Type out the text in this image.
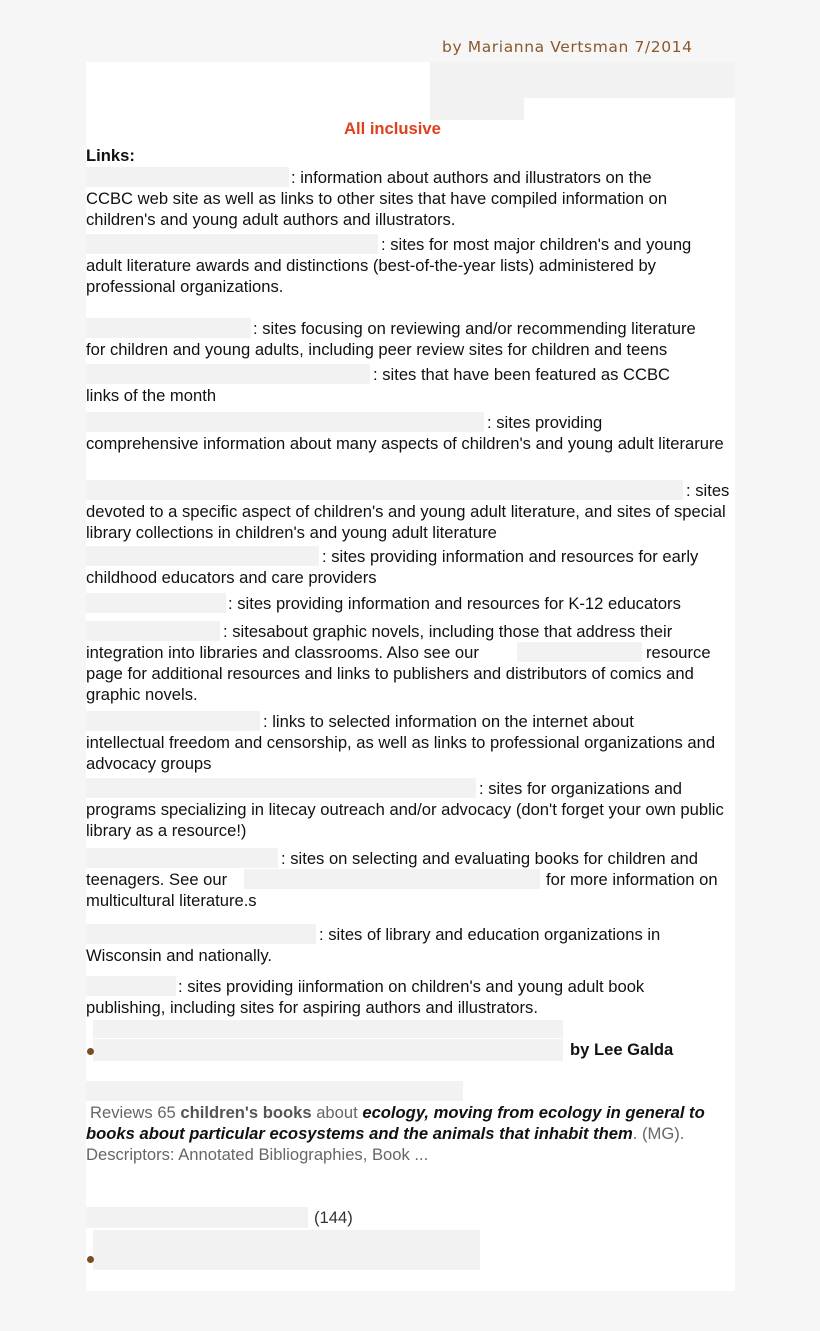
by Marianna Vertsman 7/2014
All inclusive
Links:
: information about authors and illustrators on the
CCBC web site as well as links to other sites that have compiled information on children's and young adult authors and illustrators.
: sites for most major children's and young
adult literature awards and distinctions (best-of-the-year lists) administered by professional organizations.
: sites focusing on reviewing and/or recommending literature
for children and young adults, including peer review sites for children and teens
: sites that have been featured as CCBC
links of the month
: sites providing
comprehensive information about many aspects of children's and young adult literarure
: sites
devoted to a specific aspect of children's and young adult literature, and sites of special library collections in children's and young adult literature
: sites providing information and resources for early
childhood educators and care providers
: sites providing information and resources for K-12 educators
: sitesabout graphic novels, including those that address their
integration into libraries and classrooms. Also see our	resource
page for additional resources and links to publishers and distributors of comics and graphic novels.
: links to selected information on the internet about
intellectual freedom and censorship, as well as links to professional organizations and advocacy groups
: sites for organizations and
programs specializing in litecay outreach and/or advocacy (don't forget your own public library as a resource!)
: sites on selecting and evaluating books for children and
teenagers. See our	for more information on
multicultural literature.s
: sites of library and education organizations in
Wisconsin and nationally.
: sites providing iinformation on children's and young adult book
publishing, including sites for aspiring authors and illustrators.
by Lee Galda
Reviews 65 children's books about ecology, moving from ecology in general to books about particular ecosystems and the animals that inhabit them. (MG). Descriptors: Annotated Bibliographies, Book ...
(144)
